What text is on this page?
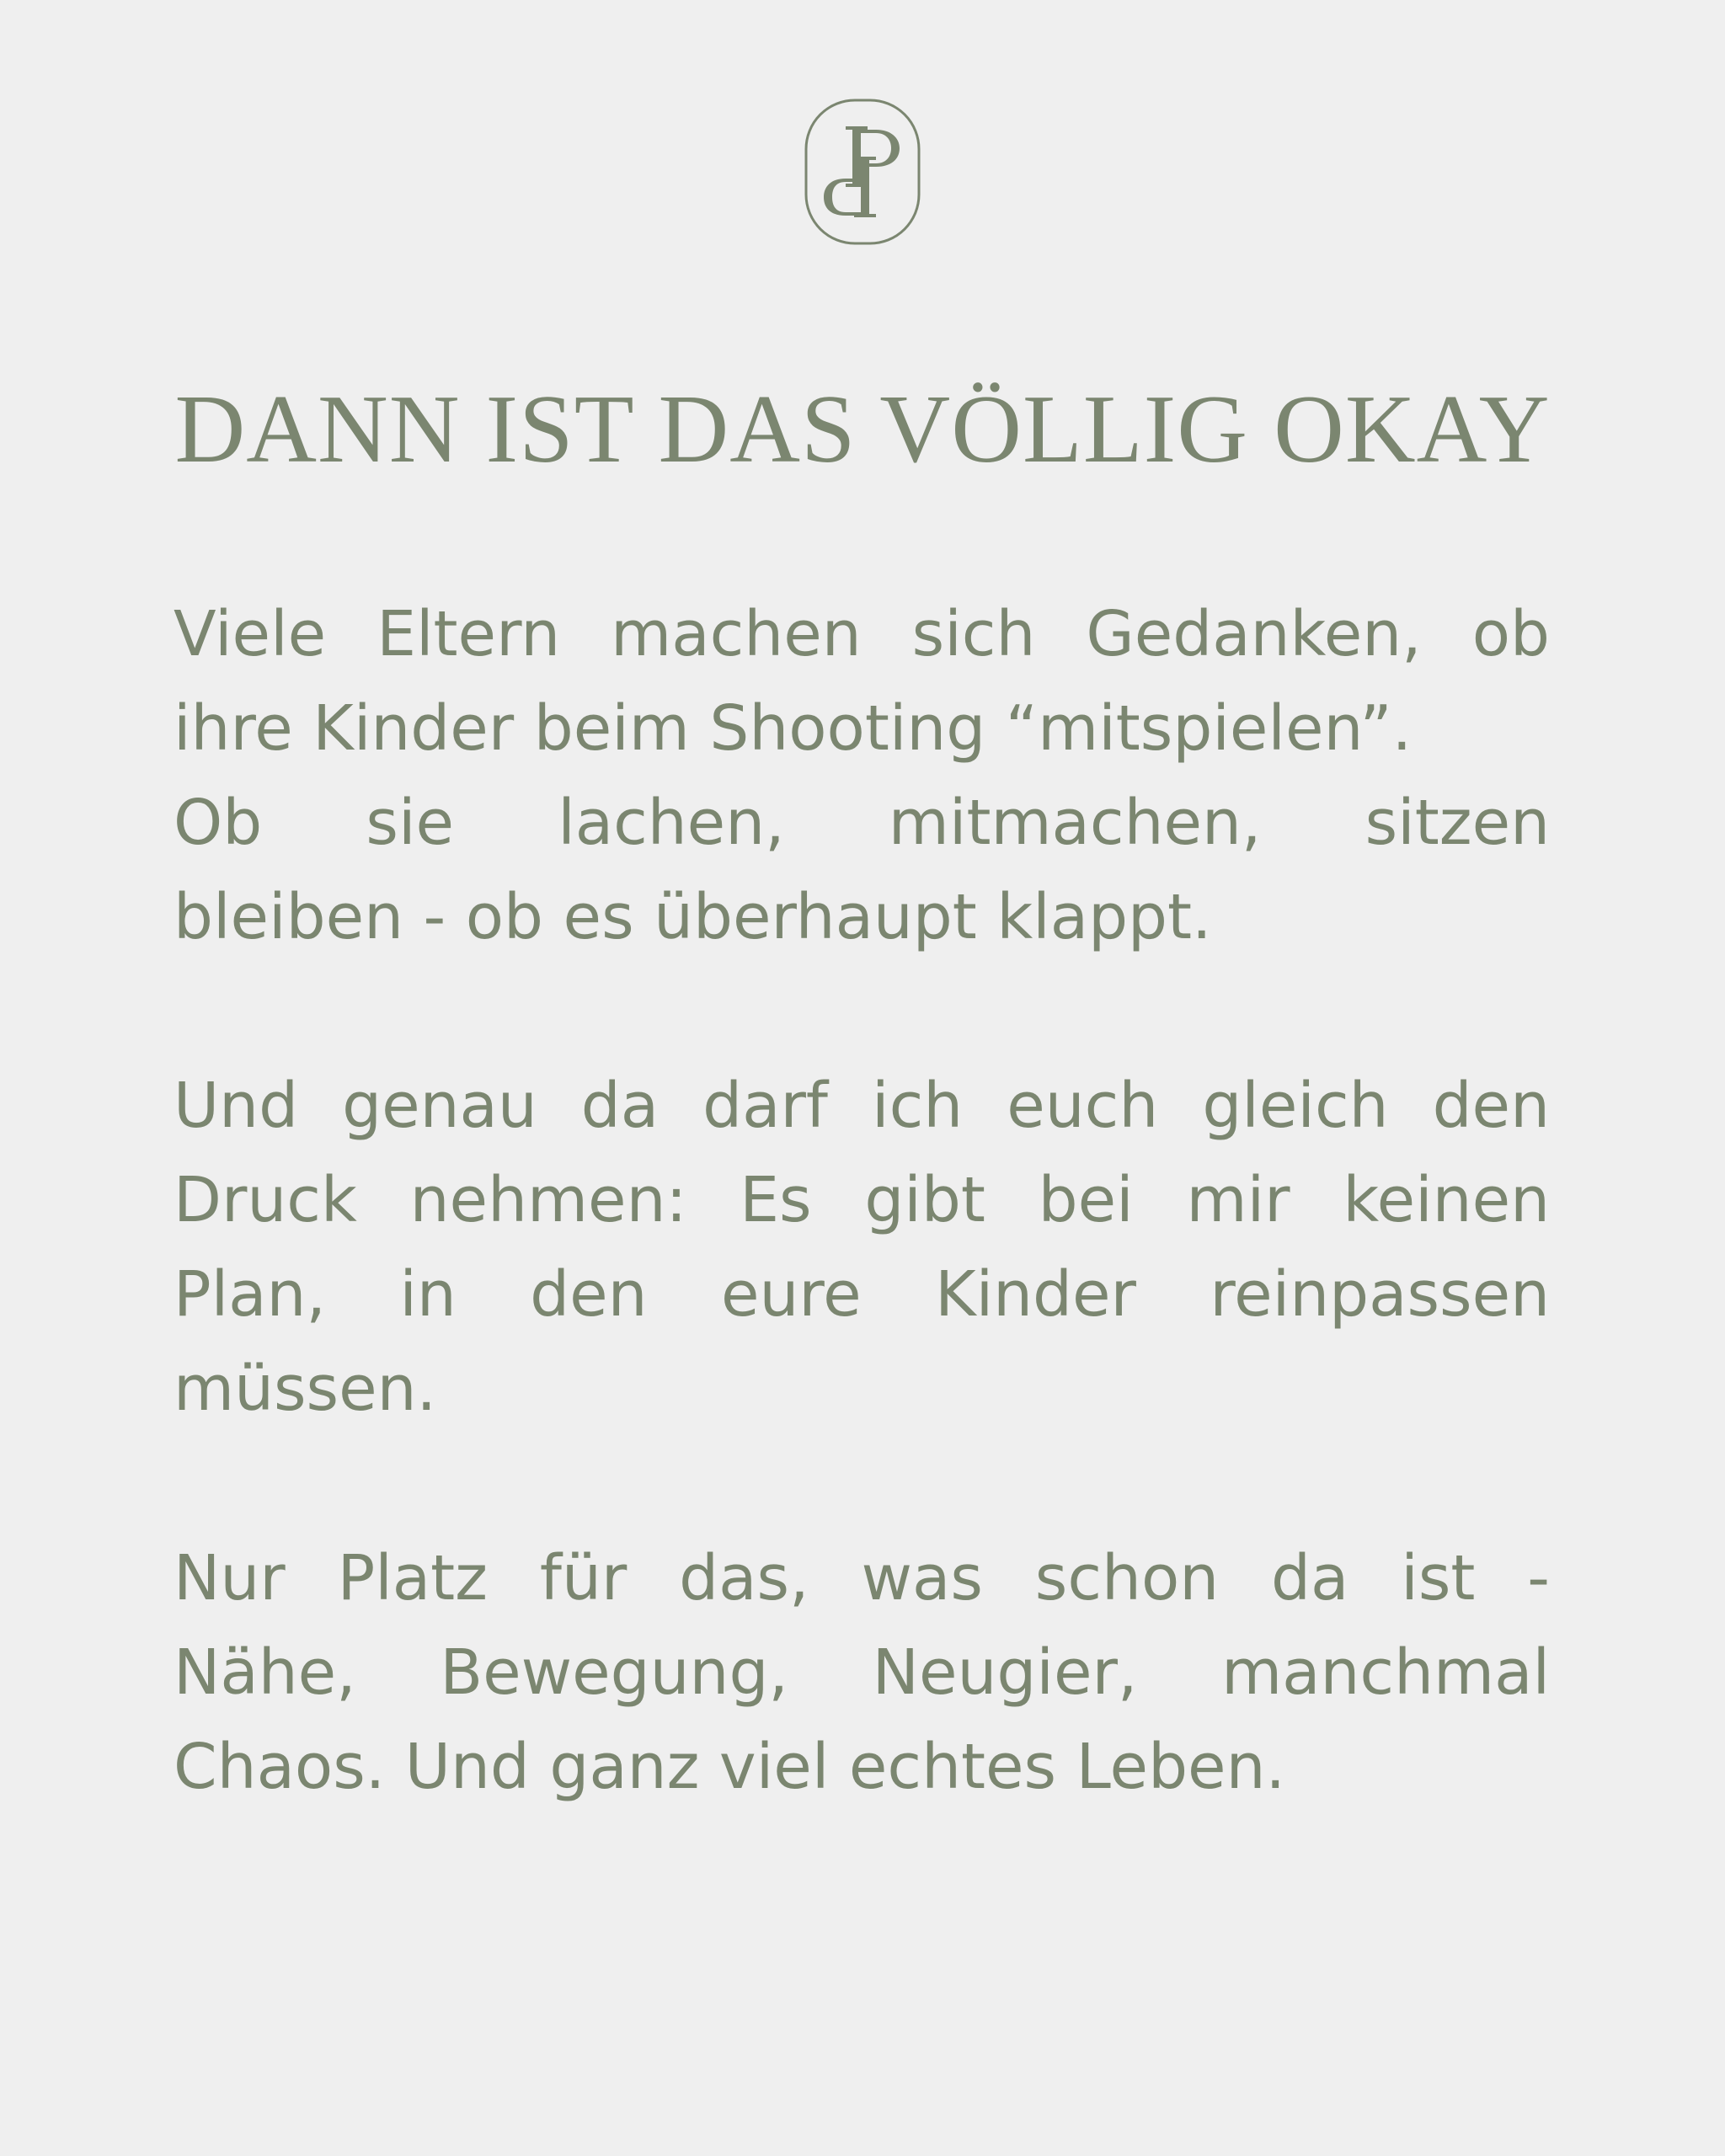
DANN IST DAS VÖLLIG OKAY
Viele Eltern machen sich Gedanken, ob
ihre Kinder beim Shooting “mitspielen”.
Ob sie lachen, mitmachen, sitzen
bleiben - ob es überhaupt klappt.
Und genau da darf ich euch gleich den
Druck nehmen: Es gibt bei mir keinen
Plan, in den eure Kinder reinpassen
müssen.
Nur Platz für das, was schon da ist -
Nähe, Bewegung, Neugier, manchmal
Chaos. Und ganz viel echtes Leben.
